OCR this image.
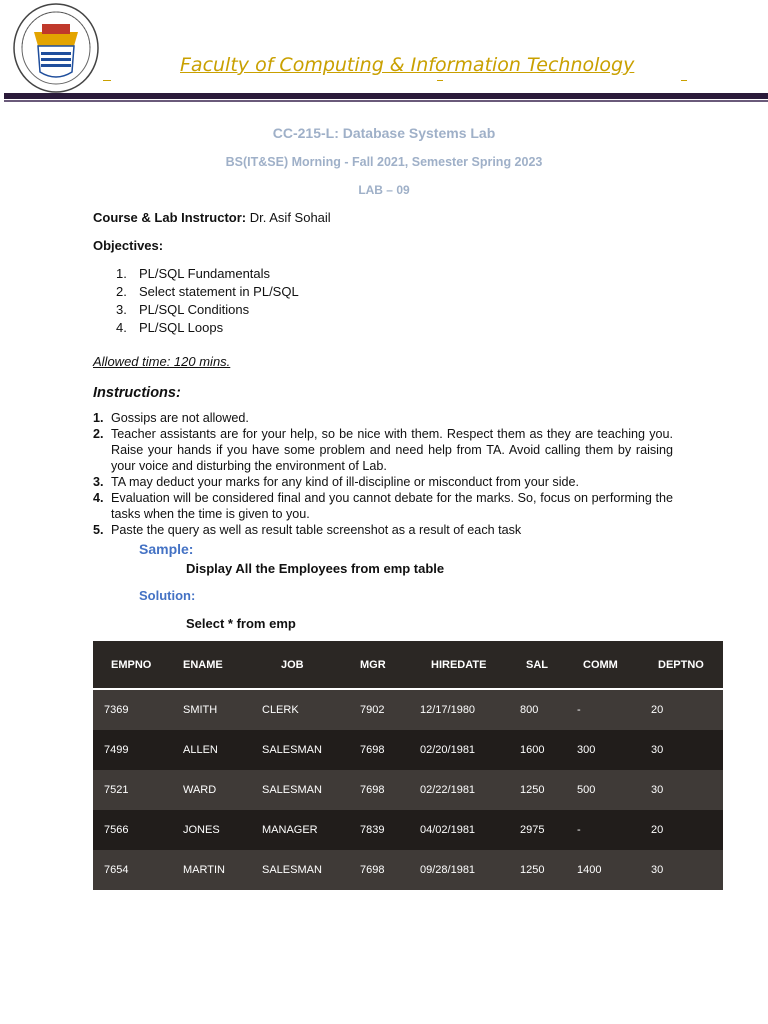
Faculty of Computing & Information Technology
CC-215-L: Database Systems Lab
BS(IT&SE) Morning - Fall 2021, Semester Spring 2023
LAB – 09
Course & Lab Instructor: Dr. Asif Sohail
Objectives:
1. PL/SQL Fundamentals
2. Select statement in PL/SQL
3. PL/SQL Conditions
4. PL/SQL Loops
Allowed time: 120 mins.
Instructions:
1. Gossips are not allowed.
2. Teacher assistants are for your help, so be nice with them. Respect them as they are teaching you. Raise your hands if you have some problem and need help from TA. Avoid calling them by raising your voice and disturbing the environment of Lab.
3. TA may deduct your marks for any kind of ill-discipline or misconduct from your side.
4. Evaluation will be considered final and you cannot debate for the marks. So, focus on performing the tasks when the time is given to you.
5. Paste the query as well as result table screenshot as a result of each task
Sample:
Display All the Employees from emp table
Solution:
Select * from emp
EMPNO	ENAME	JOB	MGR	HIREDATE	SAL	COMM	DEPTNO
7369	SMITH	CLERK	7902	12/17/1980	800	-	20
7499	ALLEN	SALESMAN	7698	02/20/1981	1600	300	30
7521	WARD	SALESMAN	7698	02/22/1981	1250	500	30
7566	JONES	MANAGER	7839	04/02/1981	2975	-	20
7654	MARTIN	SALESMAN	7698	09/28/1981	1250	1400	30
